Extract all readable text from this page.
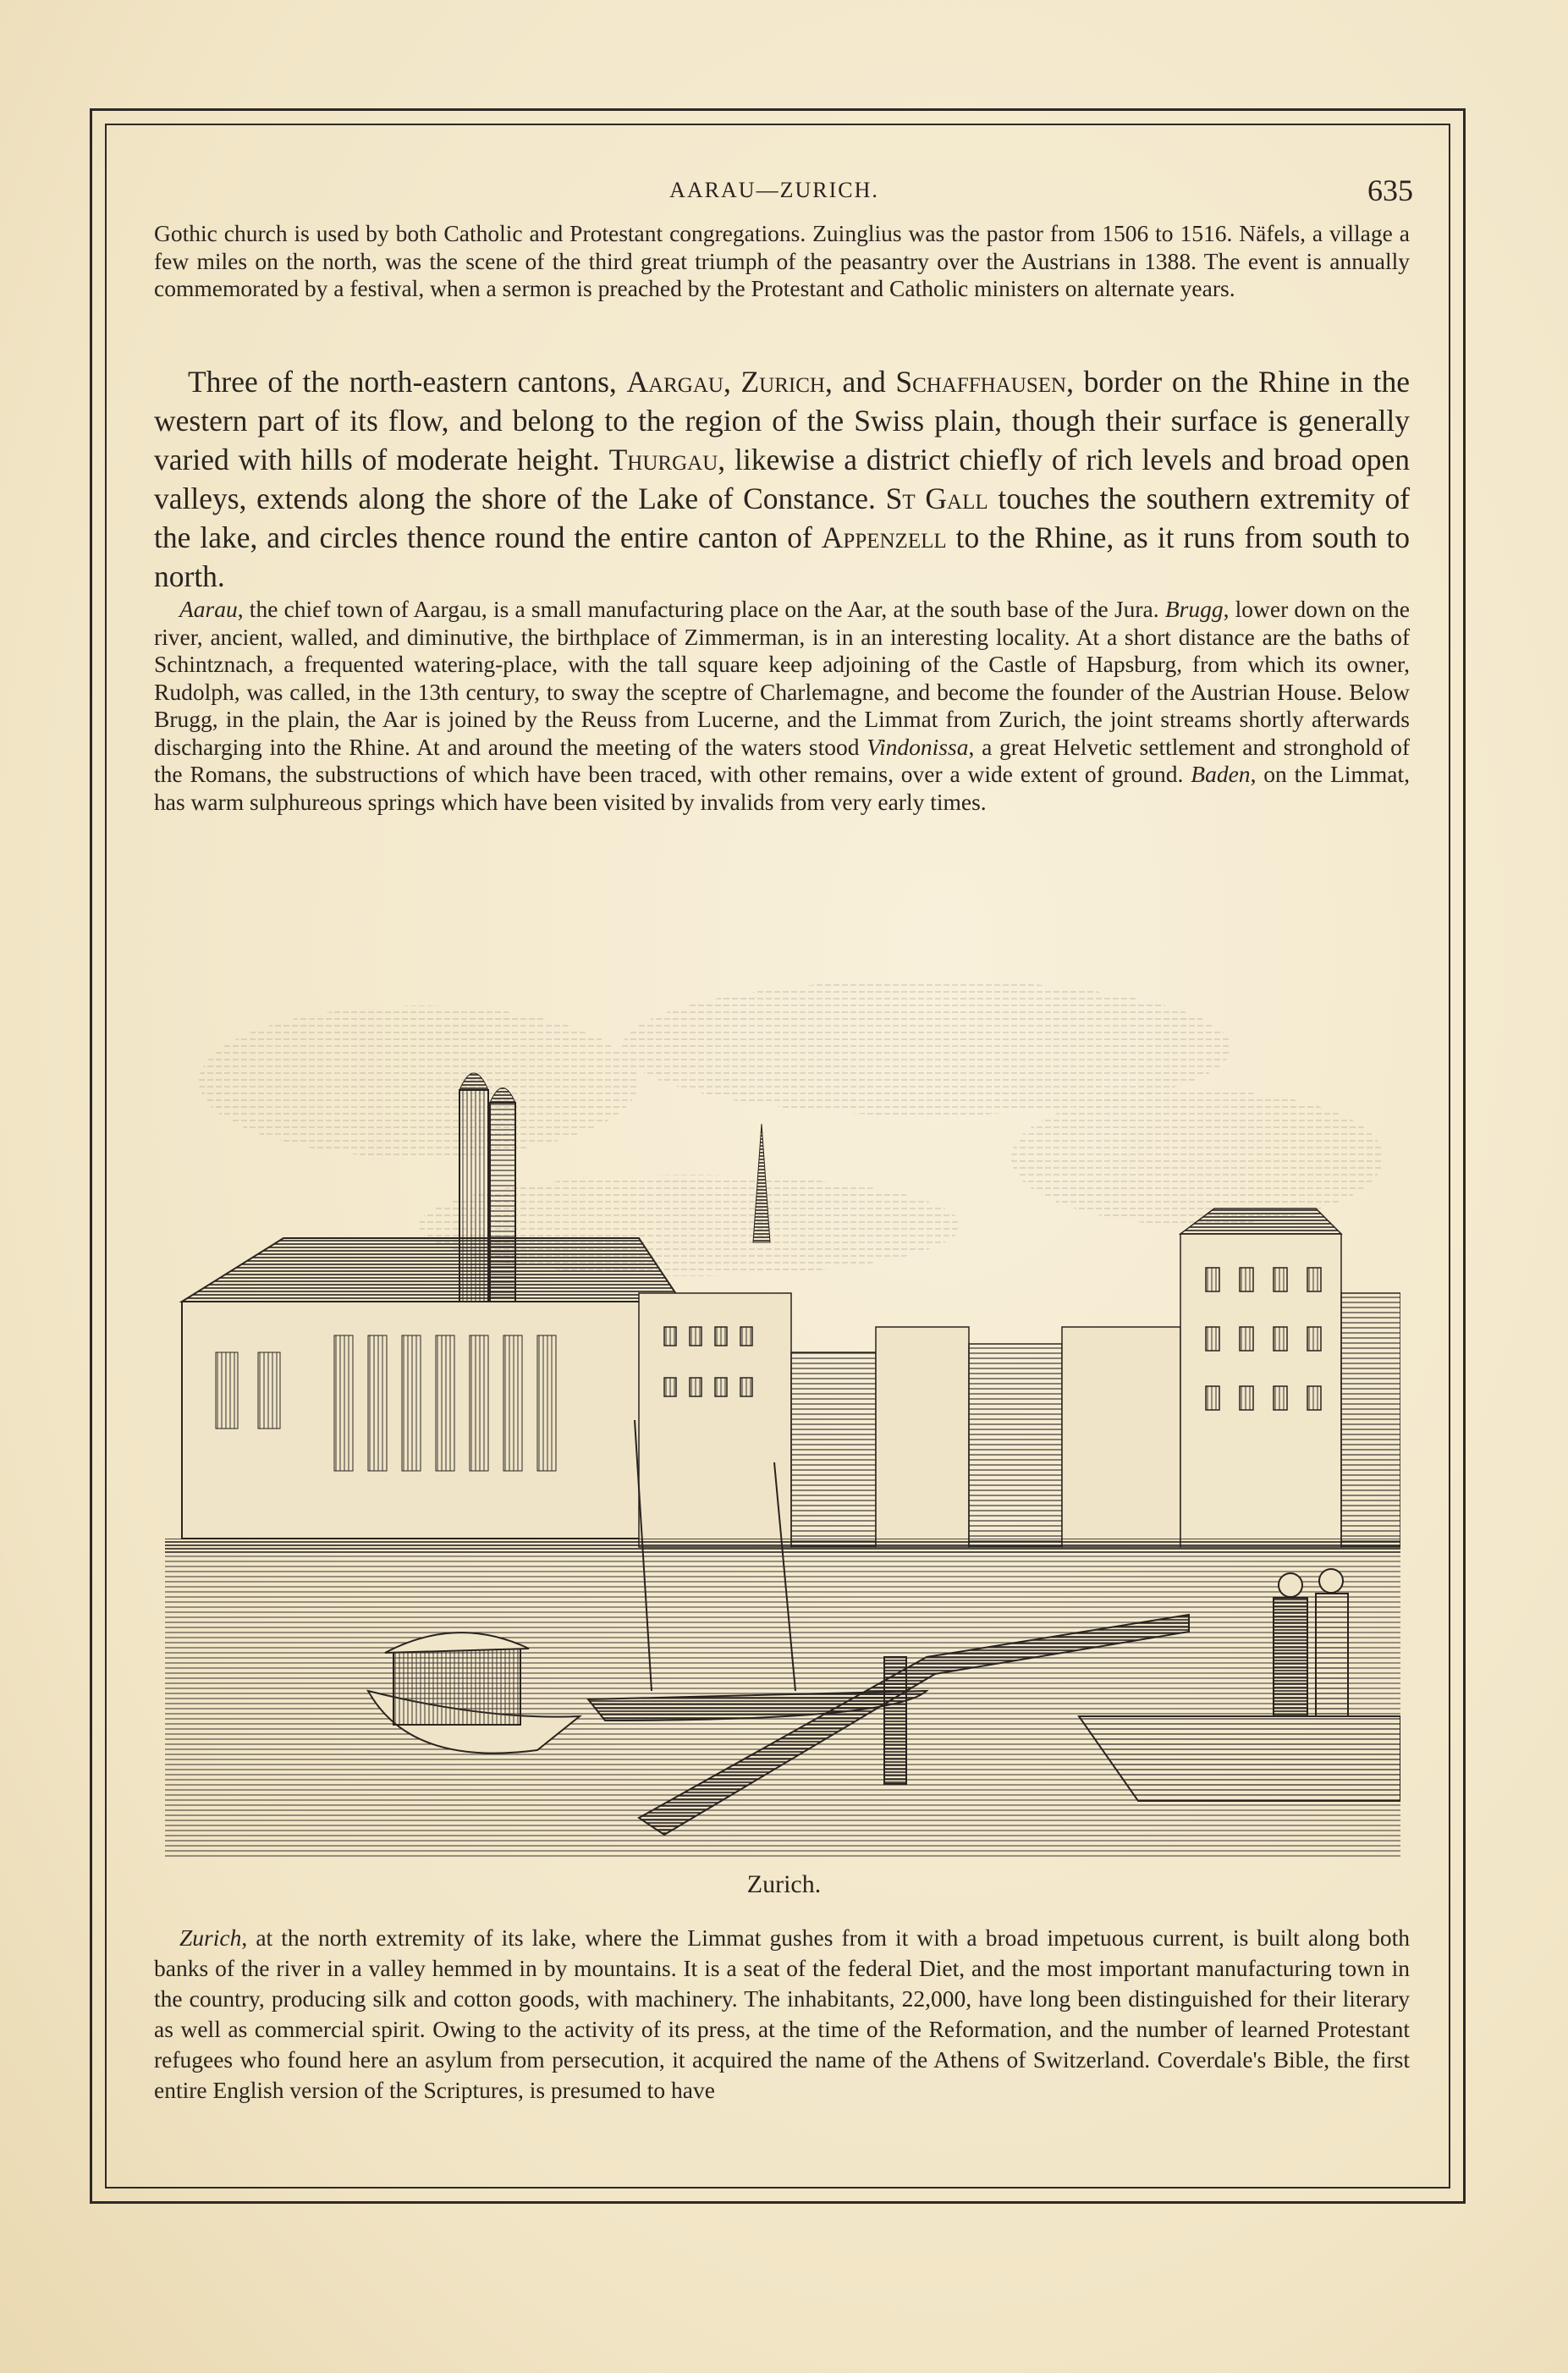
AARAU—ZURICH.	635

Gothic church is used by both Catholic and Protestant congregations. Zuinglius was the pastor from 1506 to 1516. Näfels, a village a few miles on the north, was the scene of the third great triumph of the peasantry over the Austrians in 1388. The event is annually commemorated by a festival, when a sermon is preached by the Protestant and Catholic ministers on alternate years.

Three of the north-eastern cantons, Aargau, Zurich, and Schaffhausen, border on the Rhine in the western part of its flow, and belong to the region of the Swiss plain, though their surface is generally varied with hills of moderate height. Thurgau, likewise a district chiefly of rich levels and broad open valleys, extends along the shore of the Lake of Constance. St Gall touches the southern extremity of the lake, and circles thence round the entire canton of Appenzell to the Rhine, as it runs from south to north.

Aarau, the chief town of Aargau, is a small manufacturing place on the Aar, at the south base of the Jura. Brugg, lower down on the river, ancient, walled, and diminutive, the birthplace of Zimmerman, is in an interesting locality. At a short distance are the baths of Schintznach, a frequented watering-place, with the tall square keep adjoining of the Castle of Hapsburg, from which its owner, Rudolph, was called, in the 13th century, to sway the sceptre of Charlemagne, and become the founder of the Austrian House. Below Brugg, in the plain, the Aar is joined by the Reuss from Lucerne, and the Limmat from Zurich, the joint streams shortly afterwards discharging into the Rhine. At and around the meeting of the waters stood Vindonissa, a great Helvetic settlement and stronghold of the Romans, the substructions of which have been traced, with other remains, over a wide extent of ground. Baden, on the Limmat, has warm sulphureous springs which have been visited by invalids from very early times.

Zurich.

Zurich, at the north extremity of its lake, where the Limmat gushes from it with a broad impetuous current, is built along both banks of the river in a valley hemmed in by mountains. It is a seat of the federal Diet, and the most important manufacturing town in the country, producing silk and cotton goods, with machinery. The inhabitants, 22,000, have long been distinguished for their literary as well as commercial spirit. Owing to the activity of its press, at the time of the Reformation, and the number of learned Protestant refugees who found here an asylum from persecution, it acquired the name of the Athens of Switzerland. Coverdale's Bible, the first entire English version of the Scriptures, is presumed to have
